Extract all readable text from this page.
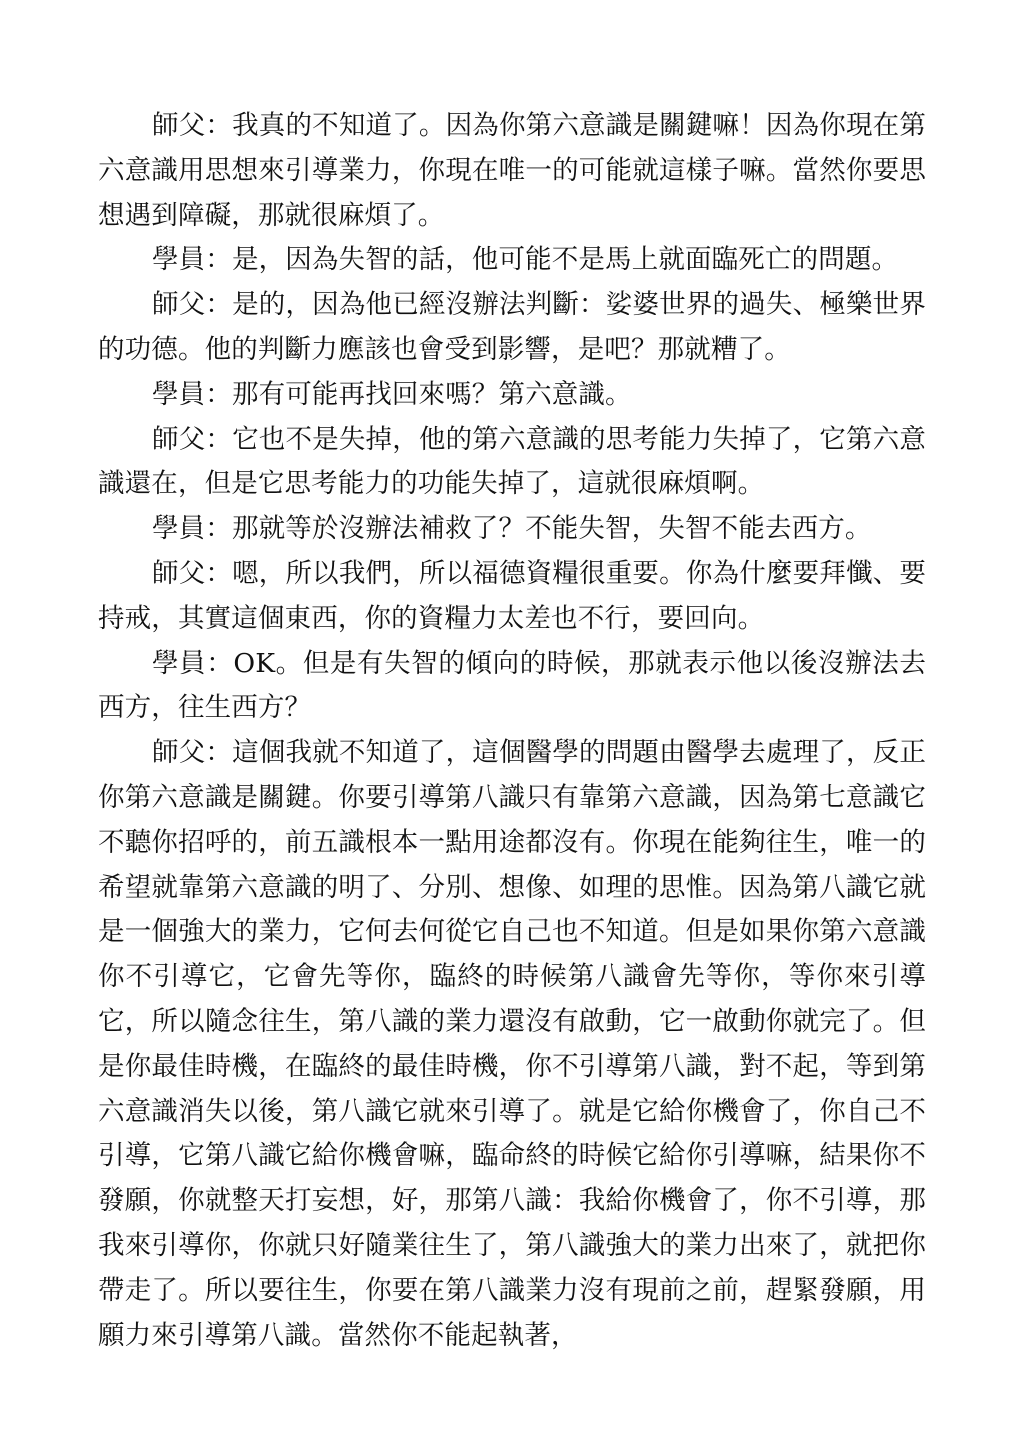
師父：我真的不知道了。因為你第六意識是關鍵嘛！因為你現在第六意識用思想來引導業力，你現在唯一的可能就這樣子嘛。當然你要思想遇到障礙，那就很麻煩了。

學員：是，因為失智的話，他可能不是馬上就面臨死亡的問題。

師父：是的，因為他已經沒辦法判斷：娑婆世界的過失、極樂世界的功德。他的判斷力應該也會受到影響，是吧？那就糟了。

學員：那有可能再找回來嗎？第六意識。

師父：它也不是失掉，他的第六意識的思考能力失掉了，它第六意識還在，但是它思考能力的功能失掉了，這就很麻煩啊。

學員：那就等於沒辦法補救了？不能失智，失智不能去西方。

師父：嗯，所以我們，所以福德資糧很重要。你為什麼要拜懺、要持戒，其實這個東西，你的資糧力太差也不行，要回向。

學員：OK。但是有失智的傾向的時候，那就表示他以後沒辦法去西方，往生西方？

師父：這個我就不知道了，這個醫學的問題由醫學去處理了，反正你第六意識是關鍵。你要引導第八識只有靠第六意識，因為第七意識它不聽你招呼的，前五識根本一點用途都沒有。你現在能夠往生，唯一的希望就靠第六意識的明了、分別、想像、如理的思惟。因為第八識它就是一個強大的業力，它何去何從它自己也不知道。但是如果你第六意識你不引導它，它會先等你，臨終的時候第八識會先等你，等你來引導它，所以隨念往生，第八識的業力還沒有啟動，它一啟動你就完了。但是你最佳時機，在臨終的最佳時機，你不引導第八識，對不起，等到第六意識消失以後，第八識它就來引導了。就是它給你機會了，你自己不引導，它第八識它給你機會嘛，臨命終的時候它給你引導嘛，結果你不發願，你就整天打妄想，好，那第八識：我給你機會了，你不引導，那我來引導你，你就只好隨業往生了，第八識強大的業力出來了，就把你帶走了。所以要往生，你要在第八識業力沒有現前之前，趕緊發願，用願力來引導第八識。當然你不能起執著，
